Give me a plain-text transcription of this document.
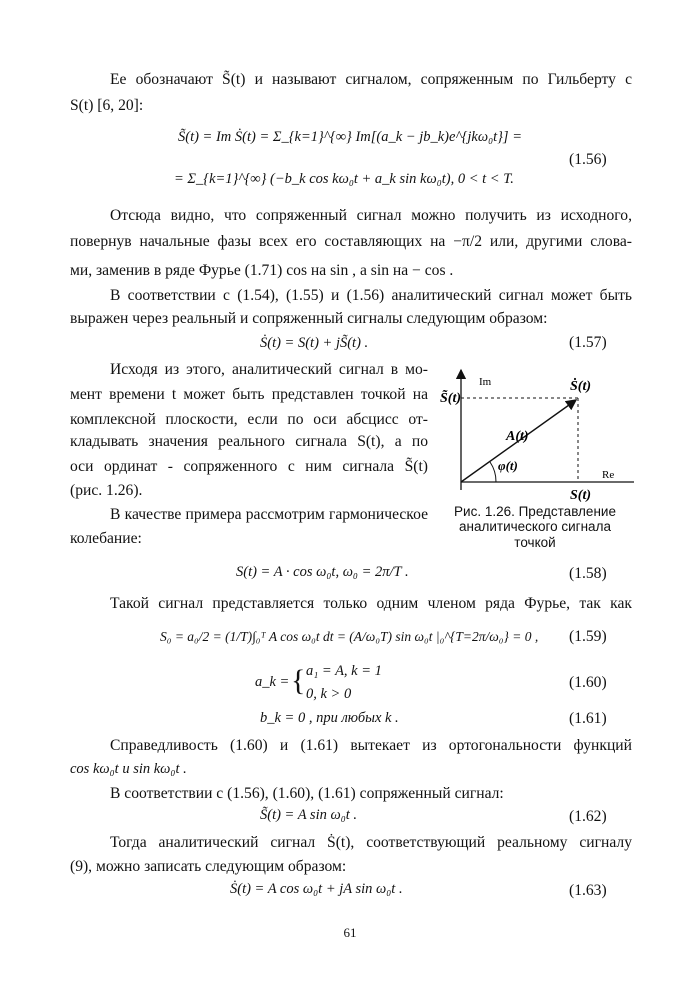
Ее обозначают S̃(t) и называют сигналом, сопряженным по Гильберту с
S(t) [6, 20]:
S̃(t) = Im Ṡ(t) = Σ_{k=1}^{∞} Im[(a_k − jb_k)e^{jkω₀t}] =
= Σ_{k=1}^{∞} (−b_k cos kω₀t + a_k sin kω₀t), 0 < t < T.
(1.56)
Отсюда видно, что сопряженный сигнал можно получить из исходного,
повернув начальные фазы всех его составляющих на −π/2 или, другими слова-
ми, заменив в ряде Фурье (1.71) cos на sin , а sin на − cos .
В соответствии с (1.54), (1.55) и (1.56) аналитический сигнал может быть
выражен через реальный и сопряженный сигналы следующим образом:
Ṡ(t) = S(t) + jS̃(t) .	(1.57)
Исходя из этого, аналитический сигнал в мо-
мент времени t может быть представлен точкой на
комплексной плоскости, если по оси абсцисс от-
кладывать значения реального сигнала S(t), а по
оси ординат - сопряженного с ним сигнала S̃(t)
(рис. 1.26).
В качестве примера рассмотрим гармоническое
колебание:
Im
Re
Ṡ(t)
S̃(t)
A(t)
φ(t)
S(t)
Рис. 1.26. Представление
аналитического сигнала
точкой
S(t) = A · cos ω₀t, ω₀ = 2π/T .	(1.58)
Такой сигнал представляется только одним членом ряда Фурье, так как
S₀ = a₀/2 = (1/T)∫₀ᵀ A cos ω₀t dt = (A/ω₀T) sin ω₀t |₀^{T=2π/ω₀} = 0 , (1.59)
a_k = { a₁ = A, k = 1
0, k > 0
(1.60)
b_k = 0 , при любых k .	(1.61)
Справедливость (1.60) и (1.61) вытекает из ортогональности функций
cos kω₀t и sin kω₀t .
В соответствии с (1.56), (1.60), (1.61) сопряженный сигнал:
S̃(t) = A sin ω₀t .	(1.62)
Тогда аналитический сигнал Ṡ(t), соответствующий реальному сигналу
(9), можно записать следующим образом:
Ṡ(t) = A cos ω₀t + jA sin ω₀t .	(1.63)
61
